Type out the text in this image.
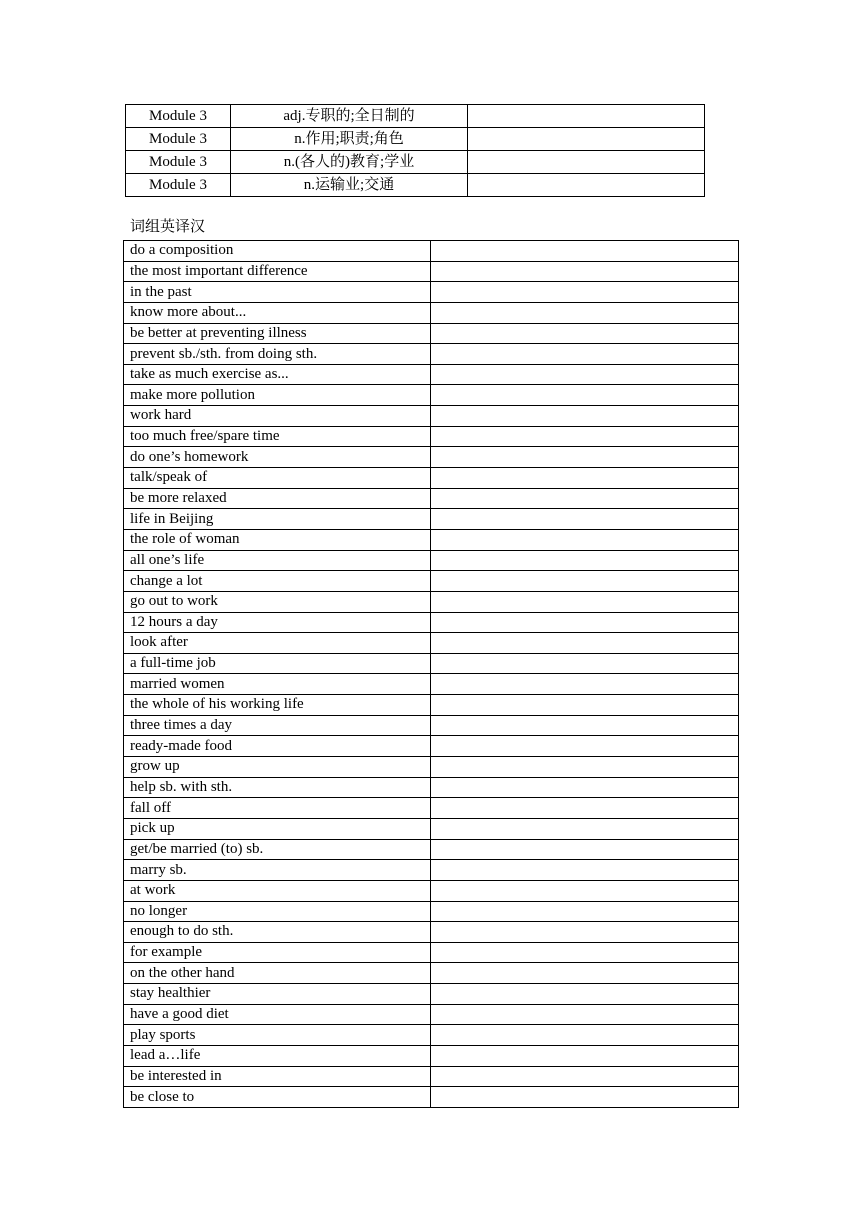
Module 3	adj.专职的;全日制的	
Module 3	n.作用;职责;角色	
Module 3	n.(各人的)教育;学业	
Module 3	n.运输业;交通	
词组英译汉
do a composition	
the most important difference	
in the past	
know more about...	
be better at preventing illness	
prevent sb./sth. from doing sth.	
take as much exercise as...	
make more pollution	
work hard	
too much free/spare time	
do one’s homework	
talk/speak of	
be more relaxed	
life in Beijing	
the role of woman	
all one’s life	
change a lot	
go out to work	
12 hours a day	
look after	
a full-time job	
married women	
the whole of his working life	
three times a day	
ready-made food	
grow up	
help sb. with sth.	
fall off	
pick up	
get/be married (to) sb.	
marry sb.	
at work	
no longer	
enough to do sth.	
for example	
on the other hand	
stay healthier	
have a good diet	
play sports	
lead a…life	
be interested in	
be close to	
